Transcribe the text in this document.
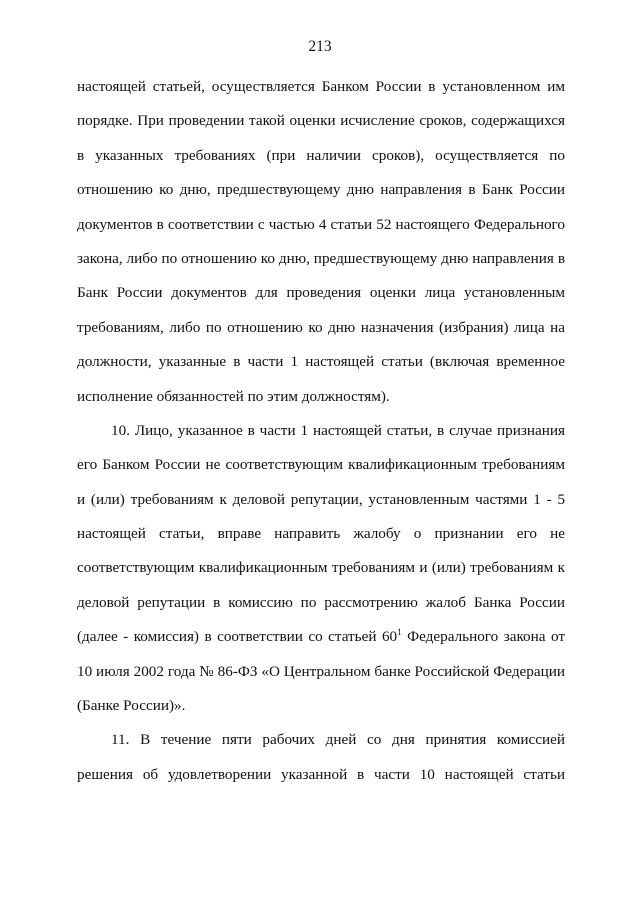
213
настоящей статьей, осуществляется Банком России в установленном им
порядке. При проведении такой оценки исчисление сроков, содержащихся
в указанных требованиях (при наличии сроков), осуществляется по
отношению ко дню, предшествующему дню направления в Банк России
документов в соответствии с частью 4 статьи 52 настоящего Федерального
закона, либо по отношению ко дню, предшествующему дню направления в
Банк России документов для проведения оценки лица установленным
требованиям, либо по отношению ко дню назначения (избрания) лица на
должности, указанные в части 1 настоящей статьи (включая временное
исполнение обязанностей по этим должностям).
10. Лицо, указанное в части 1 настоящей статьи, в случае признания
его Банком России не соответствующим квалификационным требованиям
и (или) требованиям к деловой репутации, установленным частями 1 - 5
настоящей статьи, вправе направить жалобу о признании его не
соответствующим квалификационным требованиям и (или) требованиям к
деловой репутации в комиссию по рассмотрению жалоб Банка России
(далее - комиссия) в соответствии со статьей $60^1$ Федерального закона от
10 июля 2002 года № 86-ФЗ «О Центральном банке Российской Федерации
(Банке России)».
11. В течение пяти рабочих дней со дня принятия комиссией
решения об удовлетворении указанной в части 10 настоящей статьи
